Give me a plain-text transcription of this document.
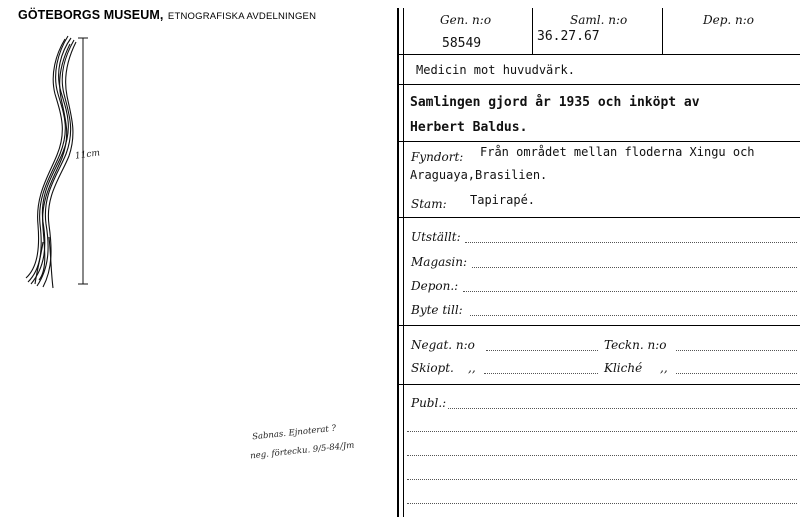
GÖTEBORGS MUSEUM, ETNOGRAFISKA AVDELNINGEN
11cm
Sabnas. Ejnoterat ?
neg. förtecku. 9/5-84/Jm
Gen. n:o
58549
Saml. n:o
36.27.67
Dep. n:o
Medicin mot huvudvärk.
Samlingen gjord år 1935 och inköpt av
Herbert Baldus.
Fyndort: Från området mellan floderna Xingu och
Araguaya,Brasilien.
Stam: Tapirapé.
Utställt:
Magasin:
Depon.:
Byte till:
Negat. n:o	Teckn. n:o
Skiopt. ,,	Kliché ,,
Publ.:
